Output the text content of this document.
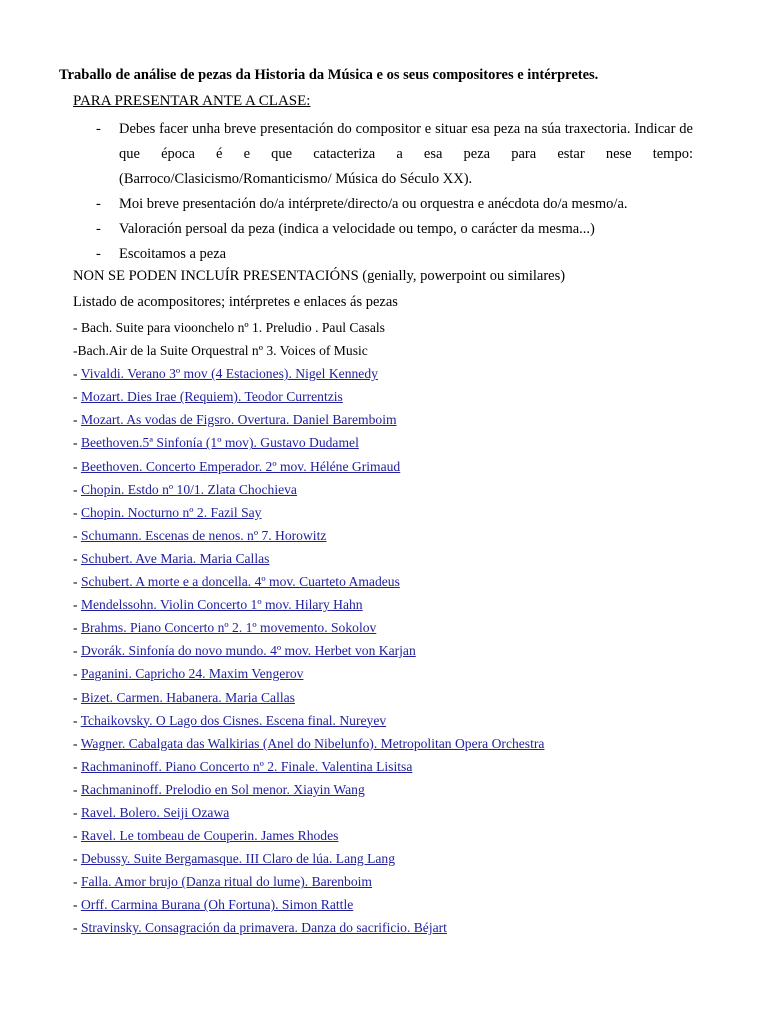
Traballo de análise de pezas da Historia da Música e os seus compositores e intérpretes.
PARA PRESENTAR ANTE A CLASE:
- Debes facer unha breve presentación do compositor e situar esa peza na súa traxectoria. Indicar de que época é e que catacteriza a esa peza para estar nese tempo: (Barroco/Clasicismo/Romanticismo/ Música do Século XX).
- Moi breve presentación do/a intérprete/directo/a ou orquestra e anécdota do/a mesmo/a.
- Valoración persoal da peza (indica a velocidade ou tempo, o carácter da mesma...)
- Escoitamos a peza
NON SE PODEN INCLUÍR PRESENTACIÓNS (genially, powerpoint ou similares)
Listado de acompositores; intérpretes e enlaces ás pezas
- Bach. Suite para vioonchelo nº 1. Preludio . Paul Casals
-Bach.Air de la Suite Orquestral nº 3. Voices of Music
- Vivaldi. Verano 3º mov (4 Estaciones). Nigel Kennedy
- Mozart. Dies Irae (Requiem). Teodor Currentzis
- Mozart. As vodas de Figsro. Overtura. Daniel Baremboim
- Beethoven.5ª Sinfonía (1º mov). Gustavo Dudamel
- Beethoven. Concerto Emperador. 2º mov. Héléne Grimaud
- Chopin. Estdo nº 10/1. Zlata Chochieva
- Chopin. Nocturno nº 2. Fazil Say
- Schumann. Escenas de nenos. nº 7. Horowitz
- Schubert. Ave Maria. Maria Callas
- Schubert. A morte e a doncella. 4º mov. Cuarteto Amadeus
- Mendelssohn. Violin Concerto 1º mov. Hilary Hahn
- Brahms. Piano Concerto nº 2. 1º movemento. Sokolov
- Dvorák. Sinfonía do novo mundo. 4º mov. Herbet von Karjan
- Paganini. Capricho 24. Maxim Vengerov
- Bizet. Carmen. Habanera. Maria Callas
- Tchaikovsky. O Lago dos Cisnes. Escena final. Nureyev
- Wagner. Cabalgata das Walkirias (Anel do Nibelunfo). Metropolitan Opera Orchestra
- Rachmaninoff. Piano Concerto nº 2. Finale. Valentina Lisitsa
- Rachmaninoff. Prelodio en Sol menor. Xiayin Wang
- Ravel. Bolero. Seiji Ozawa
- Ravel. Le tombeau de Couperin. James Rhodes
- Debussy. Suite Bergamasque. III Claro de lúa. Lang Lang
- Falla. Amor brujo (Danza ritual do lume). Barenboim
- Orff. Carmina Burana (Oh Fortuna). Simon Rattle
- Stravinsky. Consagración da primavera. Danza do sacrificio. Béjart
